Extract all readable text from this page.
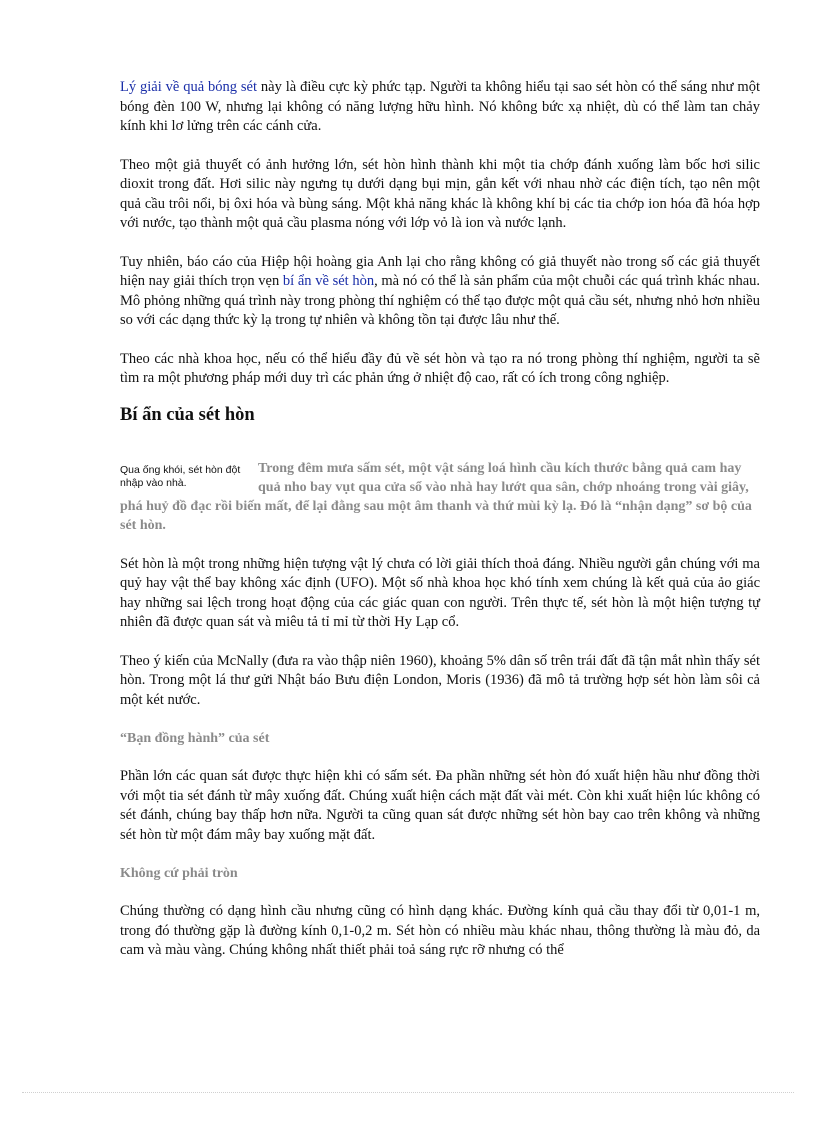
Lý giải về quả bóng sét này là điều cực kỳ phức tạp. Người ta không hiểu tại sao sét hòn có thể sáng như một bóng đèn 100 W, nhưng lại không có năng lượng hữu hình. Nó không bức xạ nhiệt, dù có thể làm tan chảy kính khi lơ lửng trên các cánh cửa.

Theo một giả thuyết có ảnh hưởng lớn, sét hòn hình thành khi một tia chớp đánh xuống làm bốc hơi silic dioxit trong đất. Hơi silic này ngưng tụ dưới dạng bụi mịn, gắn kết với nhau nhờ các điện tích, tạo nên một quả cầu trôi nổi, bị ôxi hóa và bùng sáng. Một khả năng khác là không khí bị các tia chớp ion hóa đã hóa hợp với nước, tạo thành một quả cầu plasma nóng với lớp vỏ là ion và nước lạnh.

Tuy nhiên, báo cáo của Hiệp hội hoàng gia Anh lại cho rằng không có giả thuyết nào trong số các giả thuyết hiện nay giải thích trọn vẹn bí ẩn về sét hòn, mà nó có thể là sản phẩm của một chuỗi các quá trình khác nhau. Mô phỏng những quá trình này trong phòng thí nghiệm có thể tạo được một quả cầu sét, nhưng nhỏ hơn nhiều so với các dạng thức kỳ lạ trong tự nhiên và không tồn tại được lâu như thế.

Theo các nhà khoa học, nếu có thể hiểu đầy đủ về sét hòn và tạo ra nó trong phòng thí nghiệm, người ta sẽ tìm ra một phương pháp mới duy trì các phản ứng ở nhiệt độ cao, rất có ích trong công nghiệp.

Bí ẩn của sét hòn
Qua ống khói, sét hòn đột nhập vào nhà.

Trong đêm mưa sấm sét, một vật sáng loá hình cầu kích thước bằng quả cam hay quả nho bay vụt qua cửa sổ vào nhà hay lướt qua sân, chớp nhoáng trong vài giây, phá huỷ đồ đạc rồi biến mất, để lại đằng sau một âm thanh và thứ mùi kỳ lạ. Đó là “nhận dạng” sơ bộ của sét hòn.

Sét hòn là một trong những hiện tượng vật lý chưa có lời giải thích thoả đáng. Nhiều người gắn chúng với ma quỷ hay vật thể bay không xác định (UFO). Một số nhà khoa học khó tính xem chúng là kết quả của ảo giác hay những sai lệch trong hoạt động của các giác quan con người. Trên thực tế, sét hòn là một hiện tượng tự nhiên đã được quan sát và miêu tả tỉ mỉ từ thời Hy Lạp cổ.

Theo ý kiến của McNally (đưa ra vào thập niên 1960), khoảng 5% dân số trên trái đất đã tận mắt nhìn thấy sét hòn. Trong một lá thư gửi Nhật báo Bưu điện London, Moris (1936) đã mô tả trường hợp sét hòn làm sôi cả một két nước.

“Bạn đồng hành” của sét

Phần lớn các quan sát được thực hiện khi có sấm sét. Đa phần những sét hòn đó xuất hiện hầu như đồng thời với một tia sét đánh từ mây xuống đất. Chúng xuất hiện cách mặt đất vài mét. Còn khi xuất hiện lúc không có sét đánh, chúng bay thấp hơn nữa. Người ta cũng quan sát được những sét hòn bay cao trên không và những sét hòn từ một đám mây bay xuống mặt đất.

Không cứ phải tròn

Chúng thường có dạng hình cầu nhưng cũng có hình dạng khác. Đường kính quả cầu thay đổi từ 0,01-1 m, trong đó thường gặp là đường kính 0,1-0,2 m. Sét hòn có nhiều màu khác nhau, thông thường là màu đỏ, da cam và màu vàng. Chúng không nhất thiết phải toả sáng rực rỡ nhưng có thể
